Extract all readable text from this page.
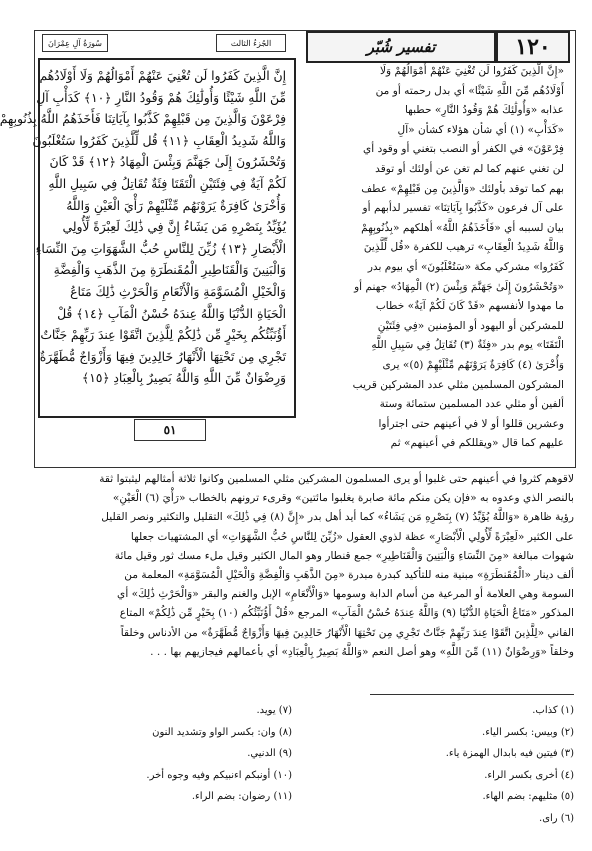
١٢٠
تفسير شُبّر
سُورَةُ آلِ عِمْرَانَ	الجُزءُ الثالث
إِنَّ الَّذِينَ كَفَرُوا لَن تُغْنِيَ عَنْهُمْ أَمْوَالُهُمْ وَلَا أَوْلَادُهُم
مِّنَ اللَّهِ شَيْئًا وَأُولَٰئِكَ هُمْ وَقُودُ النَّارِ ﴿١٠﴾ كَدَأْبِ آلِ
فِرْعَوْنَ وَالَّذِينَ مِن قَبْلِهِمْ كَذَّبُوا بِآيَاتِنَا فَأَخَذَهُمُ اللَّهُ بِذُنُوبِهِمْ
وَاللَّهُ شَدِيدُ الْعِقَابِ ﴿١١﴾ قُل لِّلَّذِينَ كَفَرُوا سَتُغْلَبُونَ
وَتُحْشَرُونَ إِلَىٰ جَهَنَّمَ وَبِئْسَ الْمِهَادُ ﴿١٢﴾ قَدْ كَانَ
لَكُمْ آيَةٌ فِي فِئَتَيْنِ الْتَقَتَا فِئَةٌ تُقَاتِلُ فِي سَبِيلِ اللَّهِ
وَأُخْرَىٰ كَافِرَةٌ يَرَوْنَهُم مِّثْلَيْهِمْ رَأْيَ الْعَيْنِ وَاللَّهُ
يُؤَيِّدُ بِنَصْرِهِ مَن يَشَاءُ إِنَّ فِي ذَٰلِكَ لَعِبْرَةً لِّأُولِي
الْأَبْصَارِ ﴿١٣﴾ زُيِّنَ لِلنَّاسِ حُبُّ الشَّهَوَاتِ مِنَ النِّسَاءِ
وَالْبَنِينَ وَالْقَنَاطِيرِ الْمُقَنطَرَةِ مِنَ الذَّهَبِ وَالْفِضَّةِ
وَالْخَيْلِ الْمُسَوَّمَةِ وَالْأَنْعَامِ وَالْحَرْثِ ذَٰلِكَ مَتَاعُ
الْحَيَاةِ الدُّنْيَا وَاللَّهُ عِندَهُ حُسْنُ الْمَآبِ ﴿١٤﴾ قُلْ
أَؤُنَبِّئُكُم بِخَيْرٍ مِّن ذَٰلِكُمْ لِلَّذِينَ اتَّقَوْا عِندَ رَبِّهِمْ جَنَّاتٌ
تَجْرِي مِن تَحْتِهَا الْأَنْهَارُ خَالِدِينَ فِيهَا وَأَزْوَاجٌ مُّطَهَّرَةٌ
وَرِضْوَانٌ مِّنَ اللَّهِ وَاللَّهُ بَصِيرٌ بِالْعِبَادِ ﴿١٥﴾
٥١
«إِنَّ الَّذِينَ كَفَرُوا لَن تُغْنِيَ عَنْهُمْ أَمْوَالُهُمْ وَلَا
أَوْلَادُهُم مِّنَ اللَّهِ شَيْئًا» أي بدل رحمته أو من
عذابه «وَأُولَٰئِكَ هُمْ وَقُودُ النَّارِ» حطبها
«كَدَأْبِ» (١) أي شأن هؤلاء كشأن «آلِ
فِرْعَوْنَ» في الكفر أو النصب بتغني أو وقود أي
لن تغني عنهم كما لم تغن عن أولئك أو توقد
بهم كما توقد بأولئك «وَالَّذِينَ مِن قَبْلِهِمْ» عطف
على آل فرعون «كَذَّبُوا بِآيَاتِنَا» تفسير لدأبهم أو
بيان لسببه أي «فَأَخَذَهُمُ اللَّهُ» أهلكهم «بِذُنُوبِهِمْ
وَاللَّهُ شَدِيدُ الْعِقَابِ» ترهيب للكفرة «قُل لِّلَّذِينَ
كَفَرُوا» مشركي مكة «سَتُغْلَبُونَ» أي بيوم بدر
«وَتُحْشَرُونَ إِلَىٰ جَهَنَّمَ وَبِئْسَ (٢) الْمِهَادُ» جهنم أو
ما مهدوا لأنفسهم «قَدْ كَانَ لَكُمْ آيَةٌ» خطاب
للمشركين أو اليهود أو المؤمنين «فِي فِئَتَيْنِ
الْتَقَتَا» يوم بدر «فِئَةٌ (٣) تُقَاتِلُ فِي سَبِيلِ اللَّهِ
وَأُخْرَىٰ (٤) كَافِرَةٌ يَرَوْنَهُم مِّثْلَيْهِمْ (٥)» يرى
المشركون المسلمين مثلي عدد المشركين قريب
ألفين أو مثلي عدد المسلمين ستمائة وستة
وعشرين قللوا أو لا في أعينهم حتى اجترأوا
عليهم كما قال «ويقللكم في أعينهم» ثم
لاقوهم كثروا في أعينهم حتى غلبوا أو يرى المسلمون المشركين مثلي المسلمين وكانوا ثلاثة أمثالهم ليثبتوا ثقة
بالنصر الذي وعدوه به «فإن يكن منكم مائة صابرة يغلبوا مائتين» وقرىء ترونهم بالخطاب «رَأْيَ (٦) الْعَيْنِ»
رؤية ظاهرة «وَاللَّهُ يُؤَيِّدُ (٧) بِنَصْرِهِ مَن يَشَاءُ» كما أيد أهل بدر «إِنَّ (٨) فِي ذَٰلِكَ» التقليل والتكثير ونصر القليل
على الكثير «لَعِبْرَةً لِّأُولِي الْأَبْصَارِ» عظة لذوي العقول «زُيِّنَ لِلنَّاسِ حُبُّ الشَّهَوَاتِ» أي المشتهيات جعلها
شهوات مبالغة «مِنَ النِّسَاءِ وَالْبَنِينَ وَالْقَنَاطِيرِ» جمع قنطار وهو المال الكثير وقيل ملء مسك ثور وقيل مائة
ألف دينار «الْمُقَنطَرَةِ» مبنية منه للتأكيد كبدرة مبدرة «مِنَ الذَّهَبِ وَالْفِضَّةِ وَالْخَيْلِ الْمُسَوَّمَةِ» المعلمة من
السومة وهي العلامة أو المرعية من أسام الدابة وسومها «وَالْأَنْعَامِ» الإبل والغنم والبقر «وَالْحَرْثِ ذَٰلِكَ» أي
المذكور «مَتَاعُ الْحَيَاةِ الدُّنْيَا (٩) وَاللَّهُ عِندَهُ حُسْنُ الْمَآبِ» المرجع «قُلْ أَؤُنَبِّئُكُم (١٠) بِخَيْرٍ مِّن ذَٰلِكُمْ» المتاع
الفاني «لِلَّذِينَ اتَّقَوْا عِندَ رَبِّهِمْ جَنَّاتٌ تَجْرِي مِن تَحْتِهَا الْأَنْهَارُ خَالِدِينَ فِيهَا وَأَزْوَاجٌ مُّطَهَّرَةٌ» من الأدناس وخلقاً
وخلقاً «وَرِضْوَانٌ (١١) مِّنَ اللَّهِ» وهو أصل النعم «وَاللَّهُ بَصِيرٌ بِالْعِبَادِ» أي بأعمالهم فيجازيهم بها . . .
(١) كذاب.
(٢) وبيس: بكسر الياء.
(٣) فيتين فيه بابدال الهمزة ياء.
(٤) أخرى بكسر الراء.
(٥) مثليهم: بضم الهاء.
(٦) راى.
(٧) يويد.
(٨) وان: بكسر الواو وتشديد النون
(٩) الدنيي.
(١٠) أونبكم اءنبيكم وفيه وجوه أخر.
(١١) رضوان: بضم الراء.
